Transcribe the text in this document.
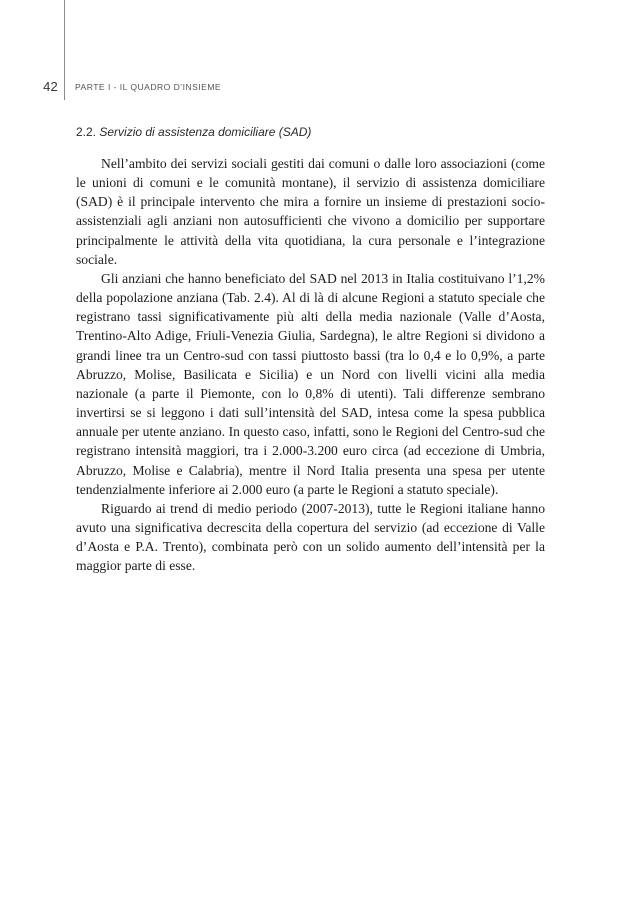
42 PARTE I - IL QUADRO D’INSIEME
2.2. Servizio di assistenza domiciliare (SAD)

Nell’ambito dei servizi sociali gestiti dai comuni o dalle loro associazioni (come le unioni di comuni e le comunità montane), il servizio di assistenza domiciliare (SAD) è il principale intervento che mira a fornire un insieme di prestazioni socio-assistenziali agli anziani non autosufficienti che vivono a domicilio per supportare principalmente le attività della vita quotidiana, la cura personale e l’integrazione sociale.

Gli anziani che hanno beneficiato del SAD nel 2013 in Italia costituivano l’1,2% della popolazione anziana (Tab. 2.4). Al di là di alcune Regioni a statuto speciale che registrano tassi significativamente più alti della media nazionale (Valle d’Aosta, Trentino-Alto Adige, Friuli-Venezia Giulia, Sardegna), le altre Regioni si dividono a grandi linee tra un Centro-sud con tassi piuttosto bassi (tra lo 0,4 e lo 0,9%, a parte Abruzzo, Molise, Basilicata e Sicilia) e un Nord con livelli vicini alla media nazionale (a parte il Piemonte, con lo 0,8% di utenti). Tali differenze sembrano invertirsi se si leggono i dati sull’intensità del SAD, intesa come la spesa pubblica annuale per utente anziano. In questo caso, infatti, sono le Regioni del Centro-sud che registrano intensità maggiori, tra i 2.000-3.200 euro circa (ad eccezione di Umbria, Abruzzo, Molise e Calabria), mentre il Nord Italia presenta una spesa per utente tendenzialmente inferiore ai 2.000 euro (a parte le Regioni a statuto speciale).

Riguardo ai trend di medio periodo (2007-2013), tutte le Regioni italiane hanno avuto una significativa decrescita della copertura del servizio (ad eccezione di Valle d’Aosta e P.A. Trento), combinata però con un solido aumento dell’intensità per la maggior parte di esse.
